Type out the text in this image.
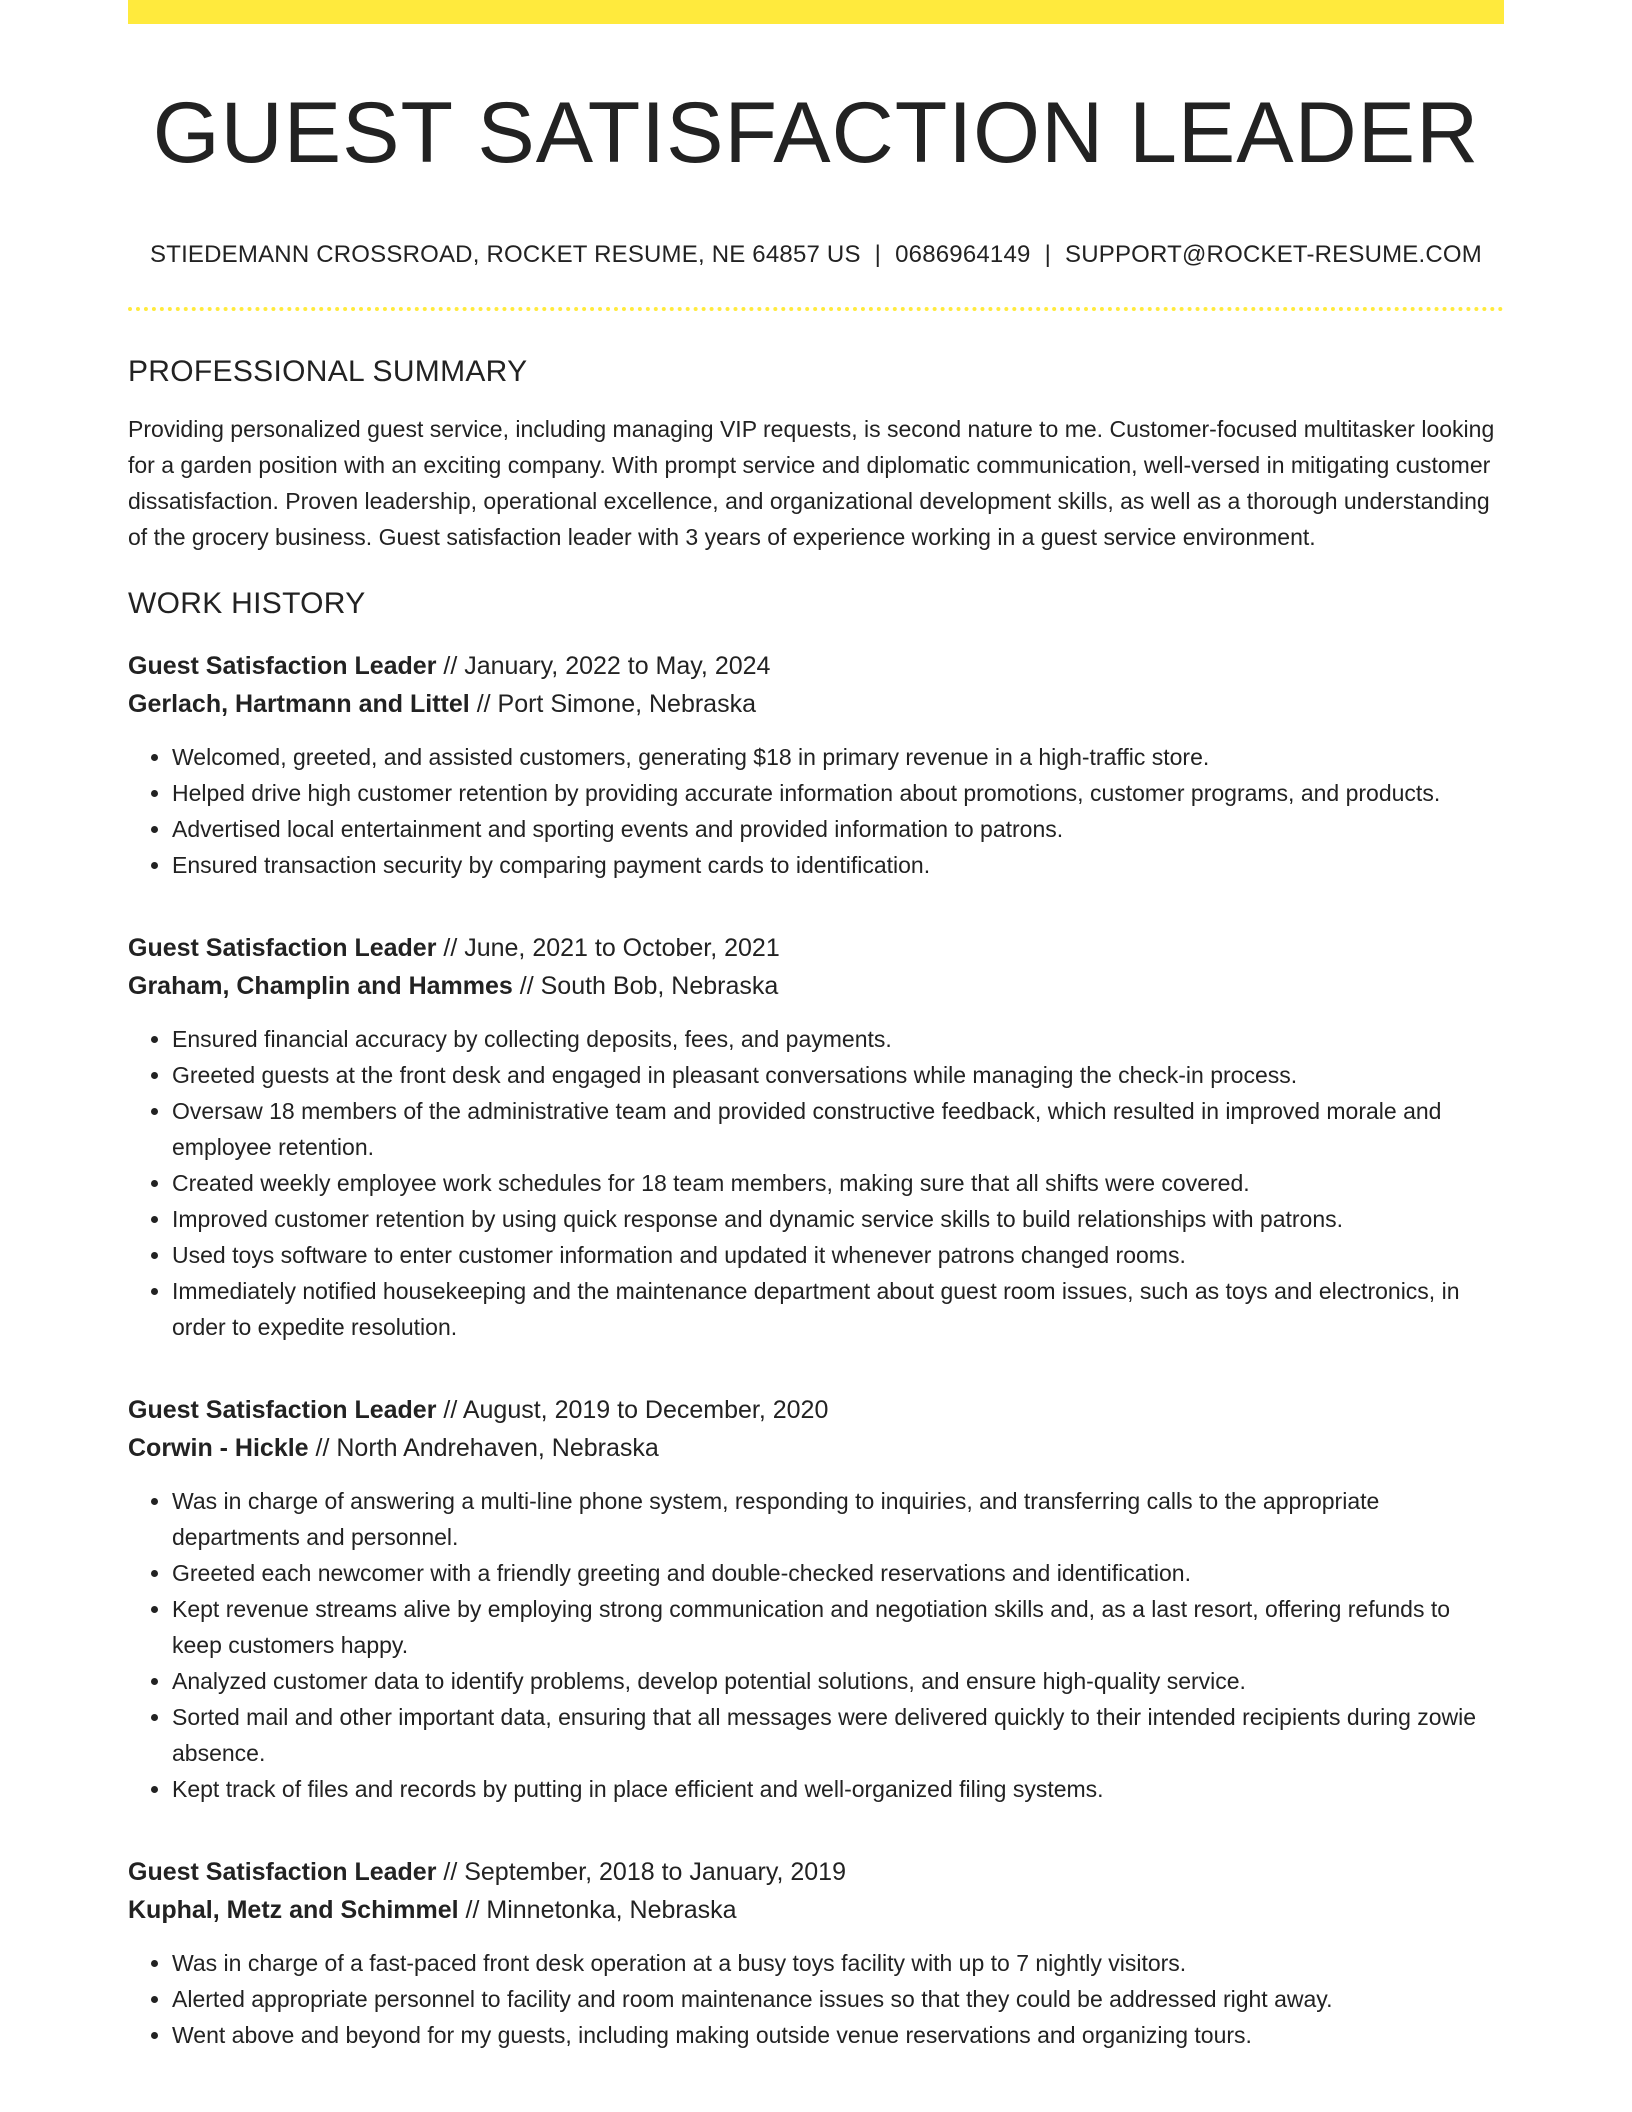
GUEST SATISFACTION LEADER
STIEDEMANN CROSSROAD, ROCKET RESUME, NE 64857 US | 0686964149 | SUPPORT@ROCKET-RESUME.COM
PROFESSIONAL SUMMARY

Providing personalized guest service, including managing VIP requests, is second nature to me. Customer-focused multitasker looking for a garden position with an exciting company. With prompt service and diplomatic communication, well-versed in mitigating customer dissatisfaction. Proven leadership, operational excellence, and organizational development skills, as well as a thorough understanding of the grocery business. Guest satisfaction leader with 3 years of experience working in a guest service environment.

WORK HISTORY
Guest Satisfaction Leader // January, 2022 to May, 2024
Gerlach, Hartmann and Littel // Port Simone, Nebraska
• Welcomed, greeted, and assisted customers, generating $18 in primary revenue in a high-traffic store.
• Helped drive high customer retention by providing accurate information about promotions, customer programs, and products.
• Advertised local entertainment and sporting events and provided information to patrons.
• Ensured transaction security by comparing payment cards to identification.
Guest Satisfaction Leader // June, 2021 to October, 2021
Graham, Champlin and Hammes // South Bob, Nebraska
• Ensured financial accuracy by collecting deposits, fees, and payments.
• Greeted guests at the front desk and engaged in pleasant conversations while managing the check-in process.
• Oversaw 18 members of the administrative team and provided constructive feedback, which resulted in improved morale and employee retention.
• Created weekly employee work schedules for 18 team members, making sure that all shifts were covered.
• Improved customer retention by using quick response and dynamic service skills to build relationships with patrons.
• Used toys software to enter customer information and updated it whenever patrons changed rooms.
• Immediately notified housekeeping and the maintenance department about guest room issues, such as toys and electronics, in order to expedite resolution.
Guest Satisfaction Leader // August, 2019 to December, 2020
Corwin - Hickle // North Andrehaven, Nebraska
• Was in charge of answering a multi-line phone system, responding to inquiries, and transferring calls to the appropriate departments and personnel.
• Greeted each newcomer with a friendly greeting and double-checked reservations and identification.
• Kept revenue streams alive by employing strong communication and negotiation skills and, as a last resort, offering refunds to keep customers happy.
• Analyzed customer data to identify problems, develop potential solutions, and ensure high-quality service.
• Sorted mail and other important data, ensuring that all messages were delivered quickly to their intended recipients during zowie absence.
• Kept track of files and records by putting in place efficient and well-organized filing systems.
Guest Satisfaction Leader // September, 2018 to January, 2019
Kuphal, Metz and Schimmel // Minnetonka, Nebraska
• Was in charge of a fast-paced front desk operation at a busy toys facility with up to 7 nightly visitors.
• Alerted appropriate personnel to facility and room maintenance issues so that they could be addressed right away.
• Went above and beyond for my guests, including making outside venue reservations and organizing tours.
